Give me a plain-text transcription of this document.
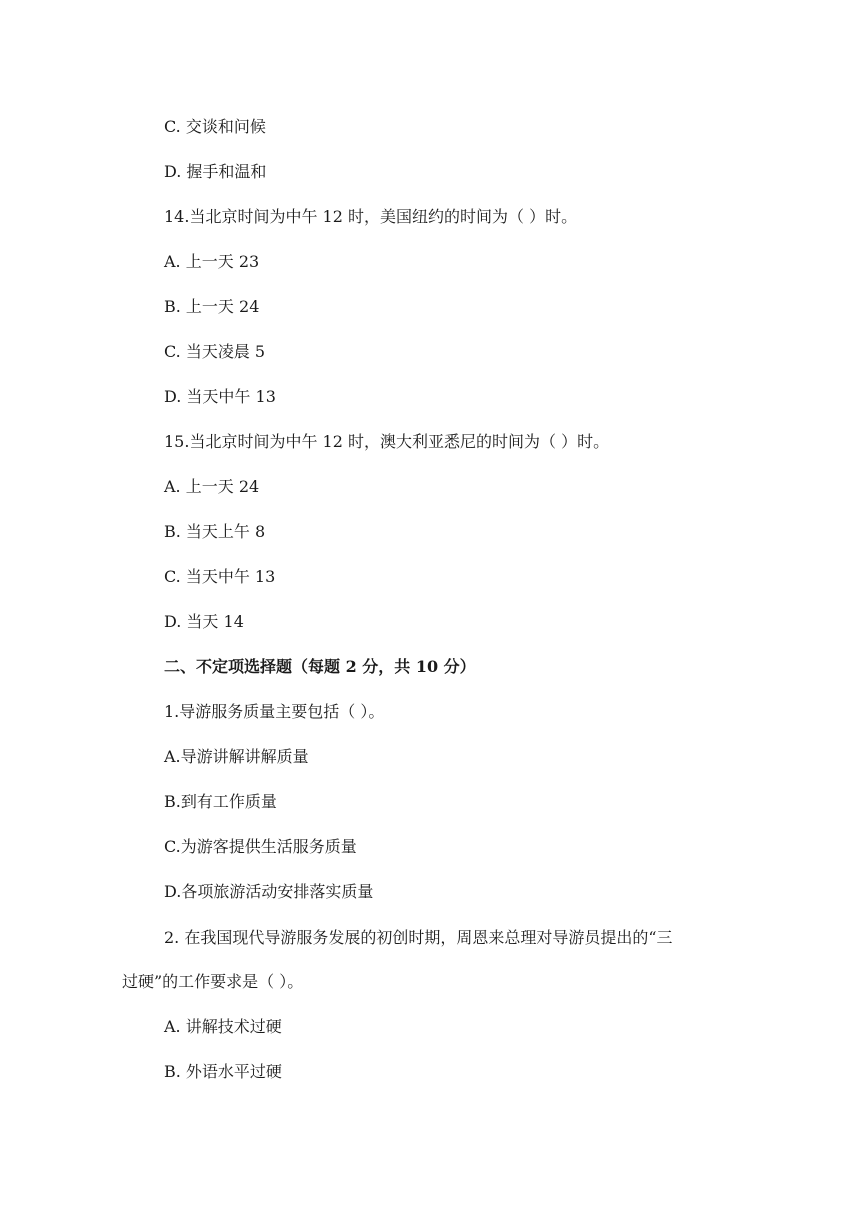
C. 交谈和问候
D. 握手和温和
14.当北京时间为中午 12 时，美国纽约的时间为（ ）时。
A. 上一天 23
B. 上一天 24
C. 当天凌晨 5
D. 当天中午 13
15.当北京时间为中午 12 时，澳大利亚悉尼的时间为（ ）时。
A. 上一天 24
B. 当天上午 8
C. 当天中午 13
D. 当天 14
二、不定项选择题（每题 2 分，共 10 分）
1.导游服务质量主要包括（ ）。
A.导游讲解讲解质量
B.到有工作质量
C.为游客提供生活服务质量
D.各项旅游活动安排落实质量
2. 在我国现代导游服务发展的初创时期，周恩来总理对导游员提出的“三
过硬”的工作要求是（ ）。
A. 讲解技术过硬
B. 外语水平过硬
